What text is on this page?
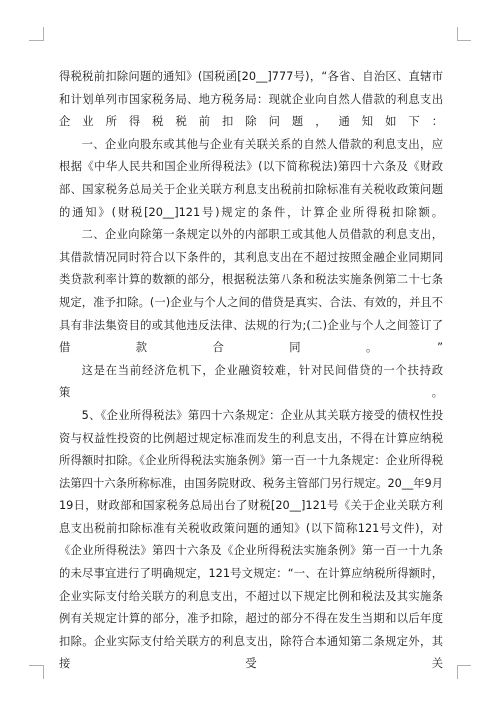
得税税前扣除问题的通知》(国税函[20__]777号)，“各省、自治区、直辖市和计划单列市国家税务局、地方税务局：现就企业向自然人借款的利息支出企业所得税税前扣除问题，通知如下：

一、企业向股东或其他与企业有关联关系的自然人借款的利息支出，应根据《中华人民共和国企业所得税法》(以下简称税法)第四十六条及《财政部、国家税务总局关于企业关联方利息支出税前扣除标准有关税收政策问题的通知》(财税[20__]121号)规定的条件，计算企业所得税扣除额。

二、企业向除第一条规定以外的内部职工或其他人员借款的利息支出，其借款情况同时符合以下条件的，其利息支出在不超过按照金融企业同期同类贷款利率计算的数额的部分，根据税法第八条和税法实施条例第二十七条规定，准予扣除。(一)企业与个人之间的借贷是真实、合法、有效的，并且不具有非法集资目的或其他违反法律、法规的行为;(二)企业与个人之间签订了借款合同。”

这是在当前经济危机下，企业融资较难，针对民间借贷的一个扶持政策。

5、《企业所得税法》第四十六条规定：企业从其关联方接受的债权性投资与权益性投资的比例超过规定标准而发生的利息支出，不得在计算应纳税所得额时扣除。《企业所得税法实施条例》第一百一十九条规定：企业所得税法第四十六条所称标准，由国务院财政、税务主管部门另行规定。20__年9月19日，财政部和国家税务总局出台了财税[20__]121号《关于企业关联方利息支出税前扣除标准有关税收政策问题的通知》(以下简称121号文件)，对《企业所得税法》第四十六条及《企业所得税法实施条例》第一百一十九条的未尽事宜进行了明确规定，121号文规定：“一、在计算应纳税所得额时，企业实际支付给关联方的利息支出，不超过以下规定比例和税法及其实施条例有关规定计算的部分，准予扣除，超过的部分不得在发生当期和以后年度扣除。企业实际支付给关联方的利息支出，除符合本通知第二条规定外，其接受关
